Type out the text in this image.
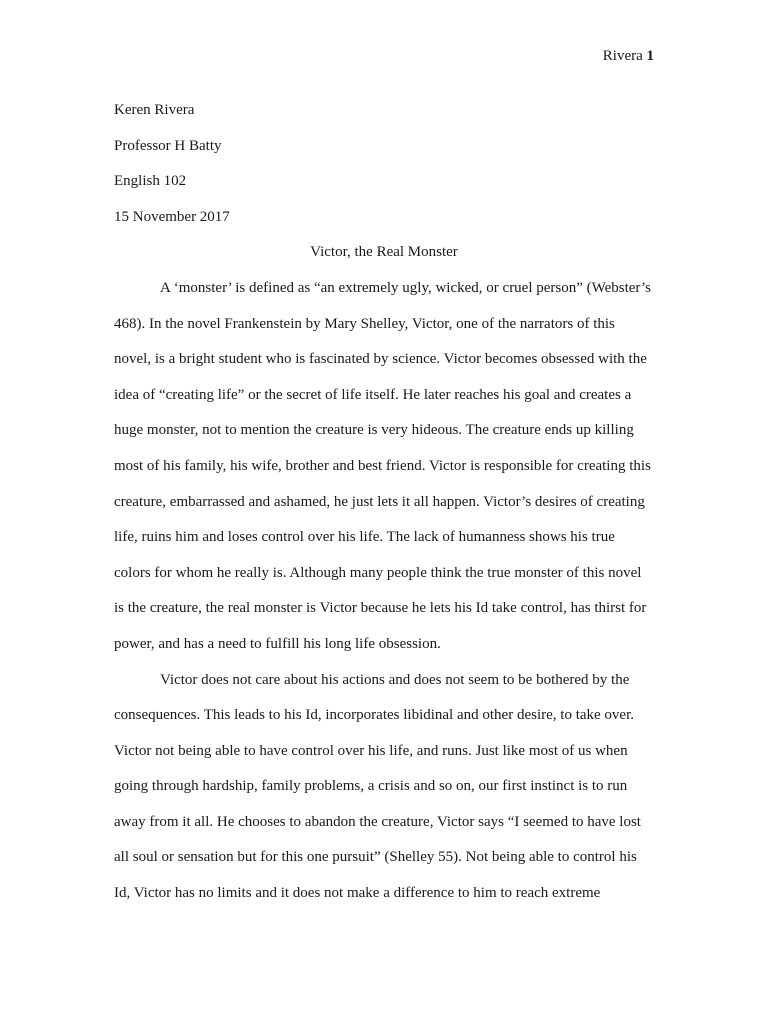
Rivera 1

Keren Rivera

Professor H Batty

English 102

15 November 2017

Victor, the Real Monster

A ‘monster’ is defined as “an extremely ugly, wicked, or cruel person” (Webster’s

468). In the novel Frankenstein by Mary Shelley, Victor, one of the narrators of this

novel, is a bright student who is fascinated by science. Victor becomes obsessed with the

idea of “creating life” or the secret of life itself. He later reaches his goal and creates a

huge monster, not to mention the creature is very hideous. The creature ends up killing

most of his family, his wife, brother and best friend. Victor is responsible for creating this

creature, embarrassed and ashamed, he just lets it all happen. Victor’s desires of creating

life, ruins him and loses control over his life. The lack of humanness shows his true

colors for whom he really is. Although many people think the true monster of this novel

is the creature, the real monster is Victor because he lets his Id take control, has thirst for

power, and has a need to fulfill his long life obsession.

Victor does not care about his actions and does not seem to be bothered by the

consequences. This leads to his Id, incorporates libidinal and other desire, to take over.

Victor not being able to have control over his life, and runs. Just like most of us when

going through hardship, family problems, a crisis and so on, our first instinct is to run

away from it all. He chooses to abandon the creature, Victor says “I seemed to have lost

all soul or sensation but for this one pursuit” (Shelley 55). Not being able to control his

Id, Victor has no limits and it does not make a difference to him to reach extreme
